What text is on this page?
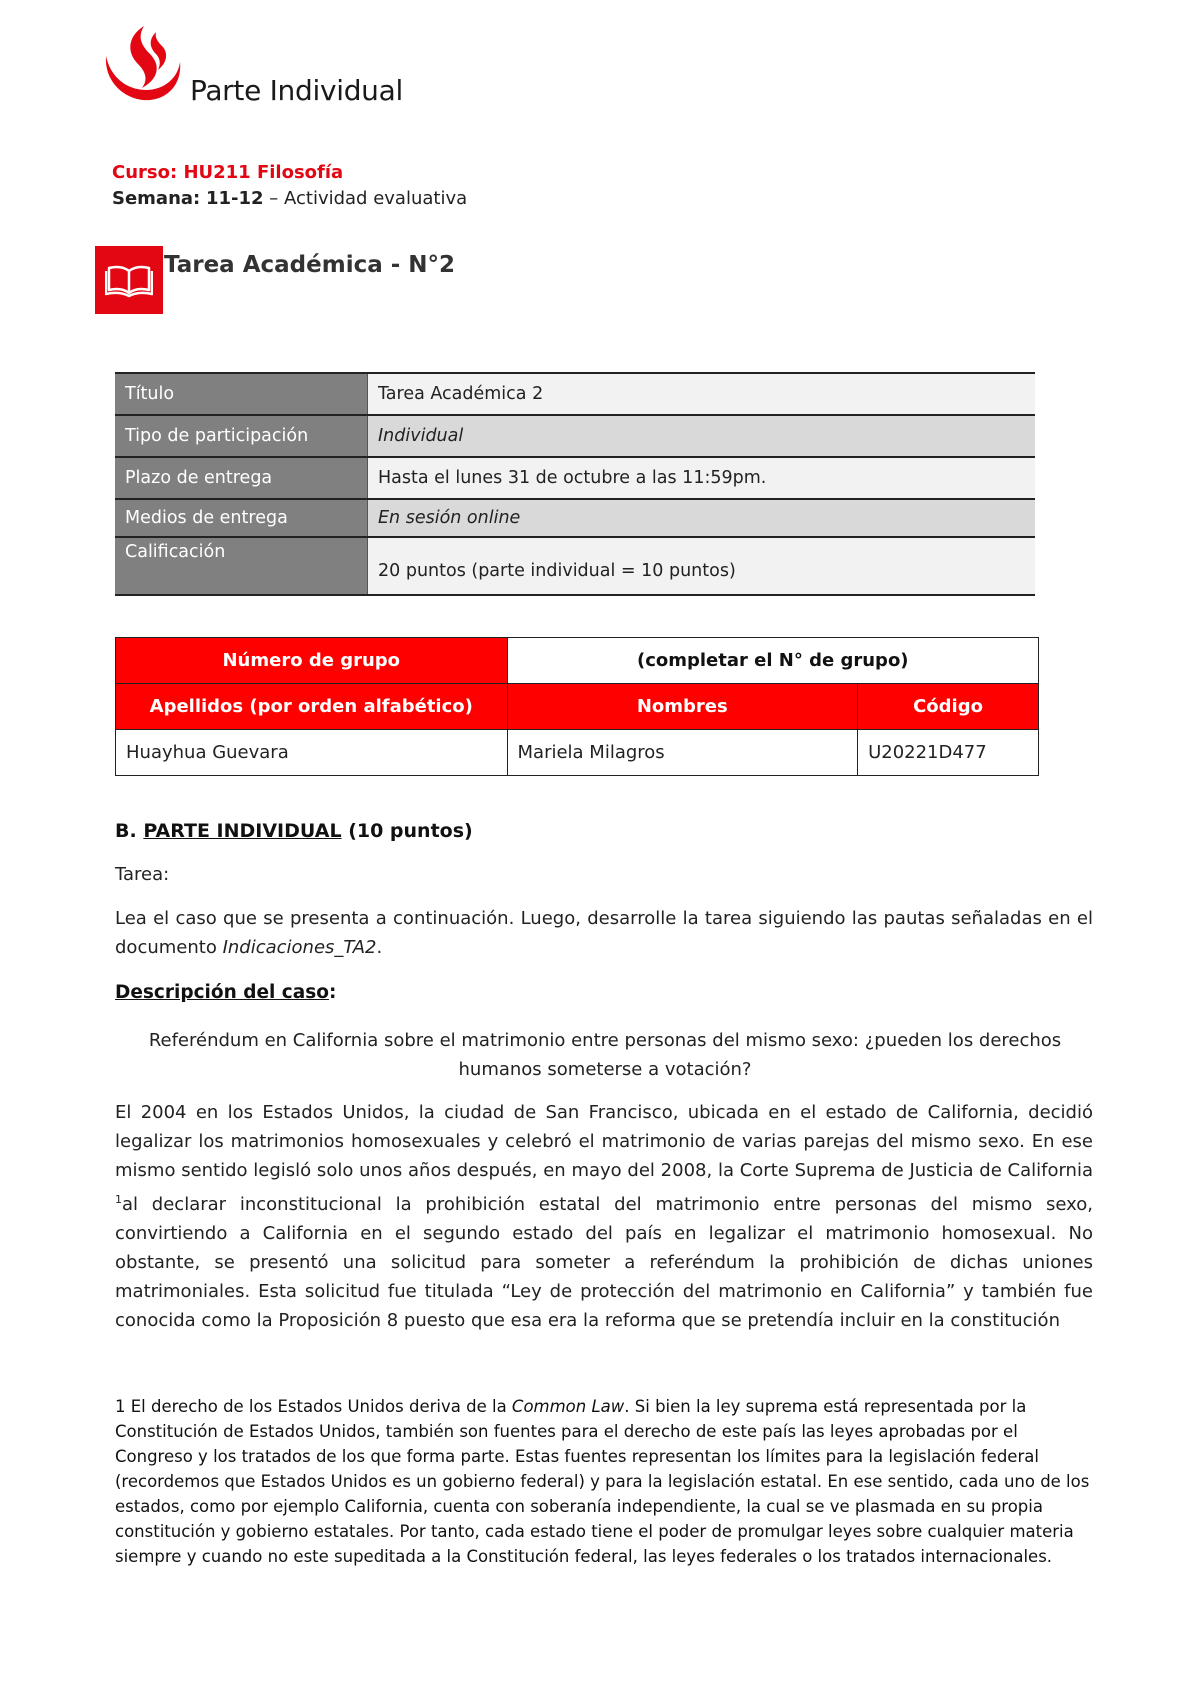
Parte Individual
Curso: HU211 Filosofía
Semana: 11-12 – Actividad evaluativa
Tarea Académica - N°2
Título	Tarea Académica 2
Tipo de participación	Individual
Plazo de entrega	Hasta el lunes 31 de octubre a las 11:59pm.
Medios de entrega	En sesión online
Calificación	20 puntos (parte individual = 10 puntos)
Número de grupo	(completar el N° de grupo)	
Apellidos (por orden alfabético)	Nombres	Código
Huayhua Guevara	Mariela Milagros	U20221D477
B. PARTE INDIVIDUAL (10 puntos)
Tarea:
Lea el caso que se presenta a continuación. Luego, desarrolle la tarea siguiendo las pautas señaladas en el documento Indicaciones_TA2.
Descripción del caso:
Referéndum en California sobre el matrimonio entre personas del mismo sexo: ¿pueden los derechos humanos someterse a votación?
El 2004 en los Estados Unidos, la ciudad de San Francisco, ubicada en el estado de California, decidió legalizar los matrimonios homosexuales y celebró el matrimonio de varias parejas del mismo sexo. En ese mismo sentido legisló solo unos años después, en mayo del 2008, la Corte Suprema de Justicia de California $^1$al declarar inconstitucional la prohibición estatal del matrimonio entre personas del mismo sexo, convirtiendo a California en el segundo estado del país en legalizar el matrimonio homosexual. No obstante, se presentó una solicitud para someter a referéndum la prohibición de dichas uniones matrimoniales. Esta solicitud fue titulada “Ley de protección del matrimonio en California” y también fue conocida como la Proposición 8 puesto que esa era la reforma que se pretendía incluir en la constitución
1 El derecho de los Estados Unidos deriva de la Common Law. Si bien la ley suprema está representada por la Constitución de Estados Unidos, también son fuentes para el derecho de este país las leyes aprobadas por el Congreso y los tratados de los que forma parte. Estas fuentes representan los límites para la legislación federal (recordemos que Estados Unidos es un gobierno federal) y para la legislación estatal. En ese sentido, cada uno de los estados, como por ejemplo California, cuenta con soberanía independiente, la cual se ve plasmada en su propia constitución y gobierno estatales. Por tanto, cada estado tiene el poder de promulgar leyes sobre cualquier materia siempre y cuando no este supeditada a la Constitución federal, las leyes federales o los tratados internacionales.
